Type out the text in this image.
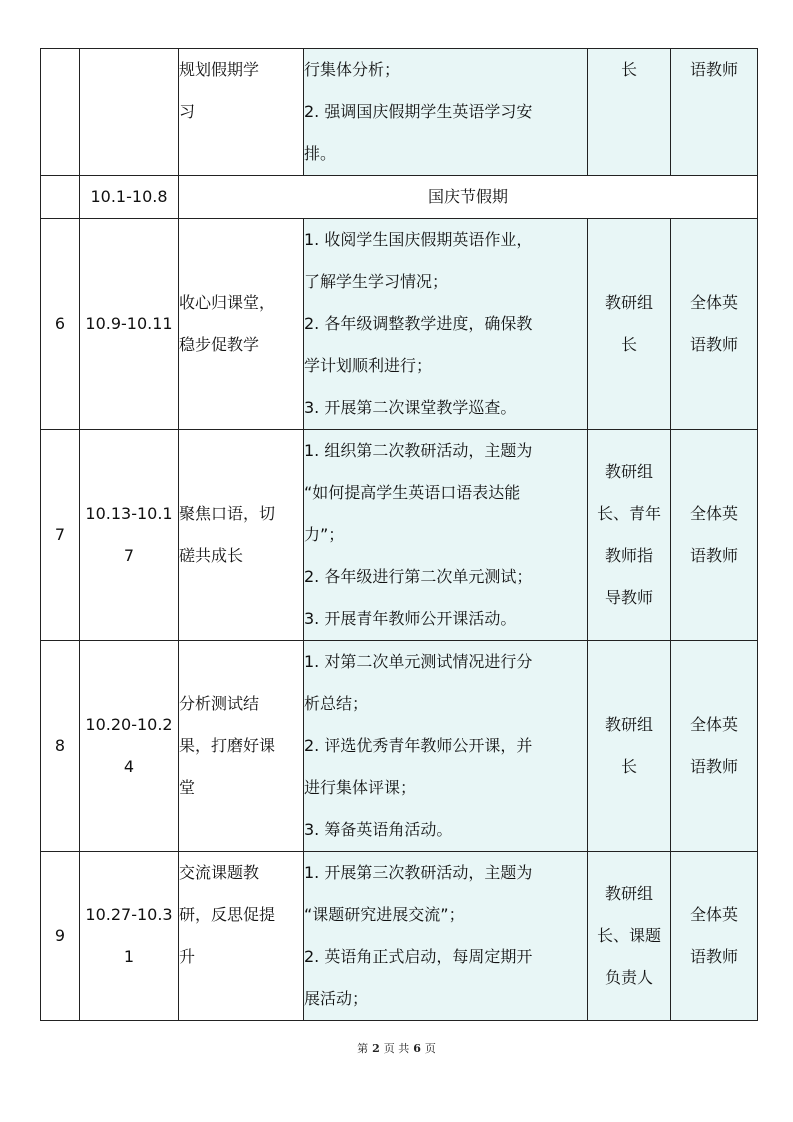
		规划假期学
习	行集体分析；
2. 强调国庆假期学生英语学习安
排。	长	语教师

	10.1-10.8	国庆节假期			
6	10.9-10.11	收心归课堂，
稳步促教学	1. 收阅学生国庆假期英语作业，
了解学生学习情况；
2. 各年级调整教学进度，确保教
学计划顺利进行；
3. 开展第二次课堂教学巡查。	教研组
长	全体英
语教师

7	10.13-10.1
7	聚焦口语，切
磋共成长	1. 组织第二次教研活动，主题为
“如何提高学生英语口语表达能
力”；
2. 各年级进行第二次单元测试；
3. 开展青年教师公开课活动。	教研组
长、青年
教师指
导教师	全体英
语教师

8	10.20-10.2
4	分析测试结
果，打磨好课
堂	1. 对第二次单元测试情况进行分
析总结；
2. 评选优秀青年教师公开课，并
进行集体评课；
3. 筹备英语角活动。	教研组
长	全体英
语教师

9	10.27-10.3
1	交流课题教
研，反思促提
升	1. 开展第三次教研活动，主题为
“课题研究进展交流”；
2. 英语角正式启动，每周定期开
展活动；	教研组
长、课题
负责人	全体英
语教师
第 2 页 共 6 页
